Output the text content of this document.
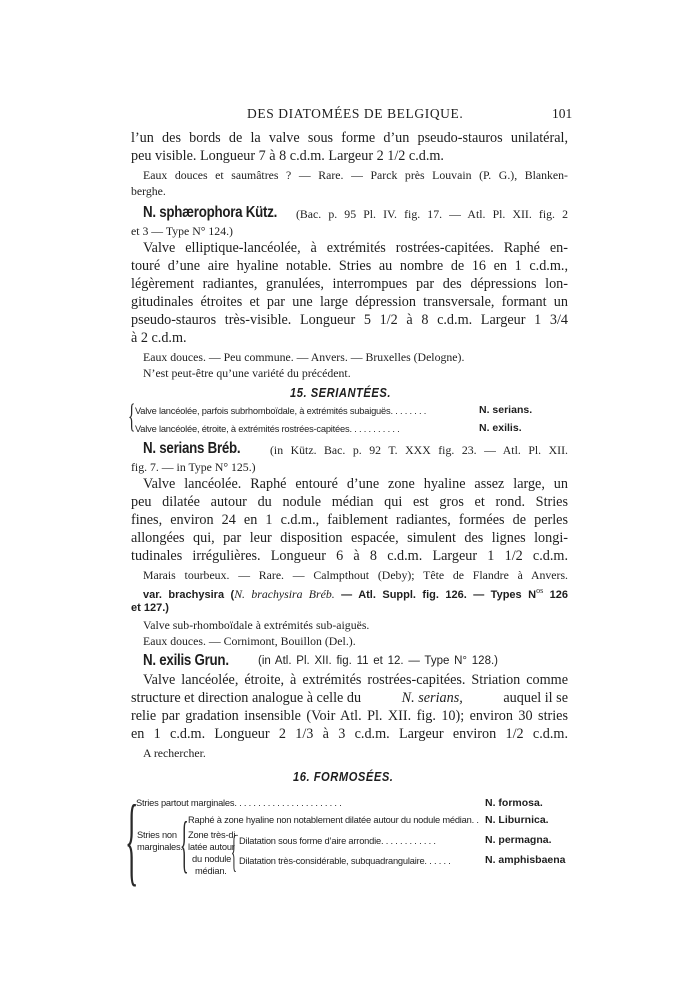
DES DIATOMÉES DE BELGIQUE.	101
l’un des bords de la valve sous forme d’un pseudo-stauros unilatéral,
peu visible. Longueur 7 à 8 c.d.m. Largeur 2 1/2 c.d.m.
Eaux douces et saumâtres ? — Rare. — Parck près Louvain (P. G.), Blanken-
berghe.
N. sphærophora Kütz.	(Bac. p. 95 Pl. IV. fig. 17. — Atl. Pl. XII. fig. 2
et 3 — Type N° 124.)
Valve elliptique-lancéolée, à extrémités rostrées-capitées. Raphé en-
touré d’une aire hyaline notable. Stries au nombre de 16 en 1 c.d.m.,
légèrement radiantes, granulées, interrompues par des dépressions lon-
gitudinales étroites et par une large dépression transversale, formant un
pseudo-stauros très-visible. Longueur 5 1/2 à 8 c.d.m. Largeur 1 3/4
à 2 c.d.m.
Eaux douces. — Peu commune. — Anvers. — Bruxelles (Delogne).
N’est peut-être qu’une variété du précédent.
15. SERIANTÉES.
{ Valve lancéolée, parfois subrhomboïdale, à extrémités subaiguës. . . . . . . .	N. serians.
Valve lancéolée, étroite, à extrémités rostrées-capitées. . . . . . . . . . .	N. exilis.
N. serians Bréb.	(in Kütz. Bac. p. 92 T. XXX fig. 23. — Atl. Pl. XII.
fig. 7. — in Type N° 125.)
Valve lancéolée. Raphé entouré d’une zone hyaline assez large, un
peu dilatée autour du nodule médian qui est gros et rond. Stries
fines, environ 24 en 1 c.d.m., faiblement radiantes, formées de perles
allongées qui, par leur disposition espacée, simulent des lignes longi-
tudinales irrégulières. Longueur 6 à 8 c.d.m. Largeur 1 1/2 c.d.m.
Marais tourbeux. — Rare. — Calmpthout (Deby); Tête de Flandre à Anvers.
var. brachysira (N. brachysira Bréb. — Atl. Suppl. fig. 126. — Types $N^{os}$ 126
et 127.)
Valve sub-rhomboïdale à extrémités sub-aiguës.
Eaux douces. — Cornimont, Bouillon (Del.).
N. exilis Grun.	(in Atl. Pl. XII. fig. 11 et 12. — Type N° 128.)
Valve lancéolée, étroite, à extrémités rostrées-capitées. Striation comme
structure et direction analogue à celle du	N. serians,	auquel il se
relie par gradation insensible (Voir Atl. Pl. XII. fig. 10); environ 30 stries
en 1 c.d.m. Longueur 2 1/3 à 3 c.d.m. Largeur environ 1/2 c.d.m.
A rechercher.
16. FORMOSÉES.
{
Stries partout marginales. . . . . . . . . . . . . . . . . . . . . . .	N. formosa.
Stries non
marginales.
{ Raphé à zone hyaline non notablement dilatée autour du nodule médian. . N. Liburnica.
Zone très-di-
latée autour
du nodule
médian. { Dilatation sous forme d’aire arrondie. . . . . . . . . . . .	N. permagna.
Dilatation très-considérable, subquadrangulaire. . . . . .	N. amphisbaena
